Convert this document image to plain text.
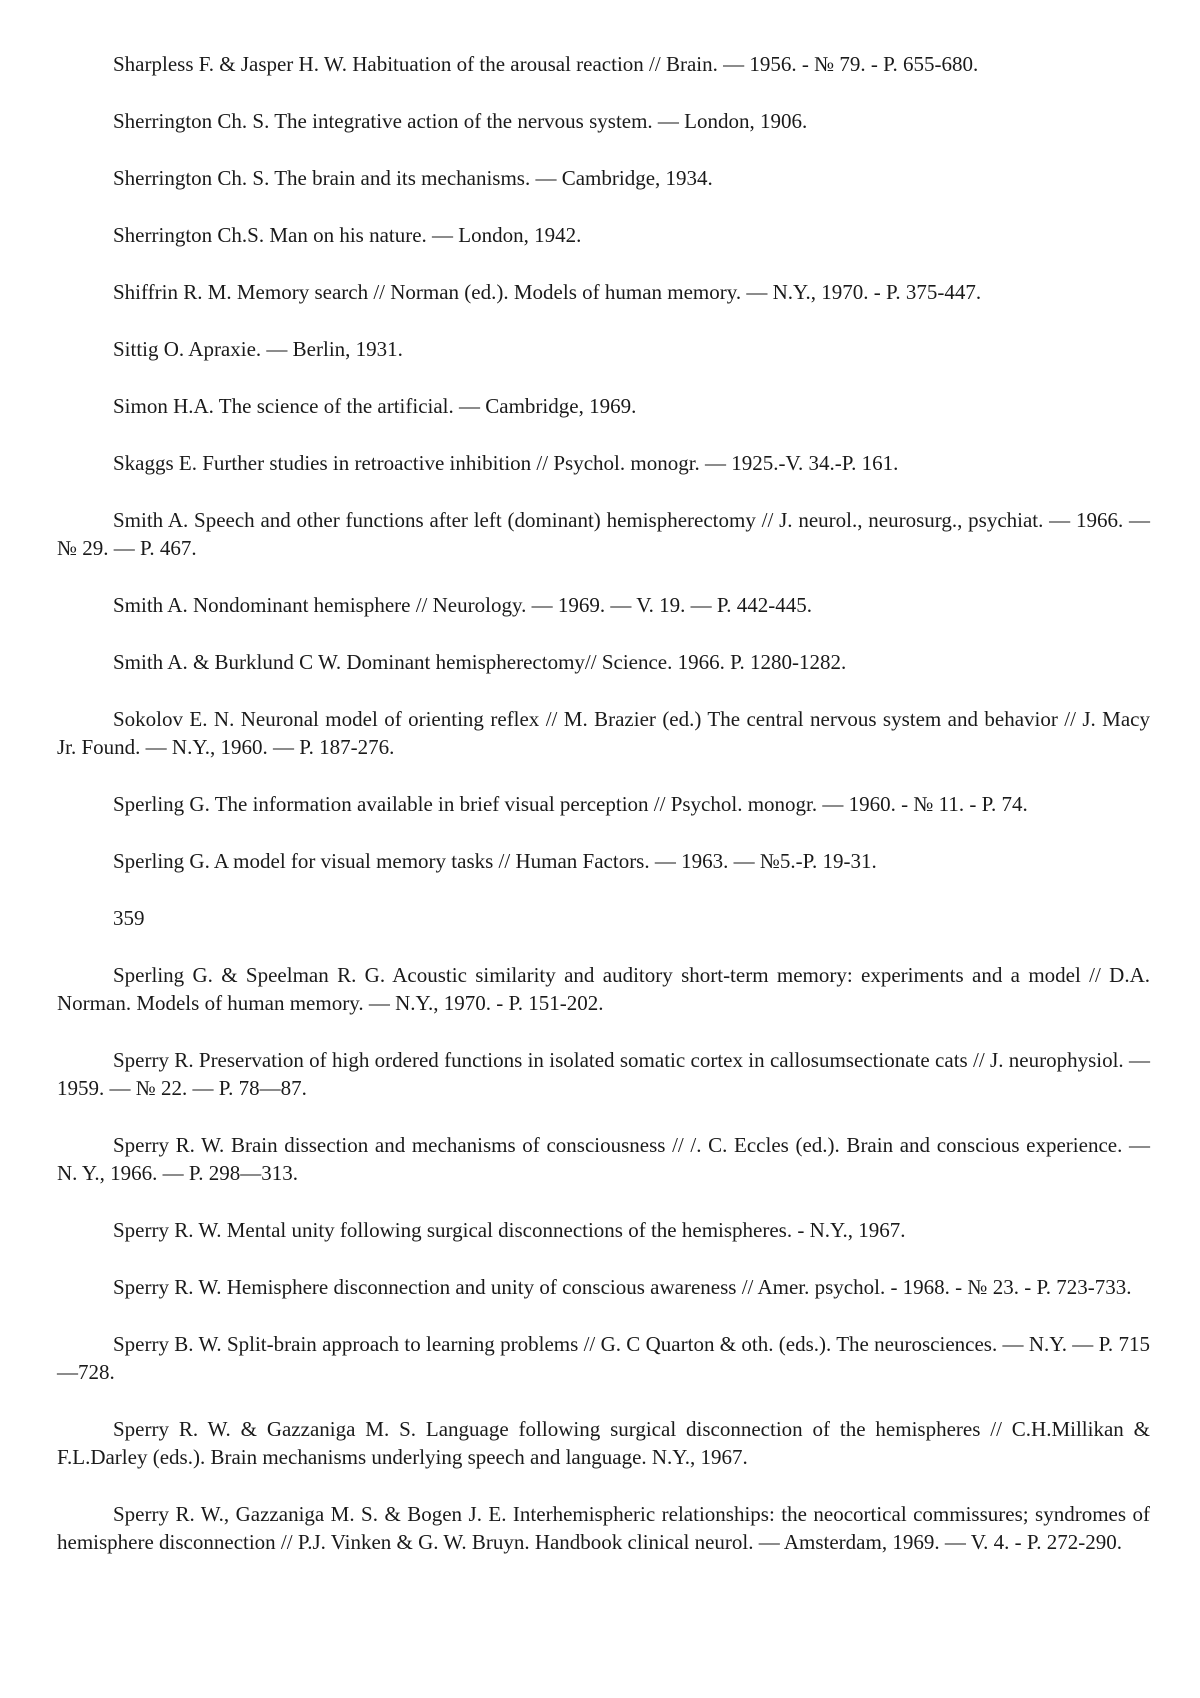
Sharpless F. & Jasper H. W. Habituation of the arousal reaction // Brain. — 1956. - № 79. - P. 655-680.

Sherrington Ch. S. The integrative action of the nervous system. — London, 1906.

Sherrington Ch. S. The brain and its mechanisms. — Cambridge, 1934.

Sherrington Ch.S. Man on his nature. — London, 1942.

Shiffrin R. M. Memory search // Norman (ed.). Models of human memory. — N.Y., 1970. - P. 375-447.

Sittig O. Apraxie. — Berlin, 1931.

Simon H.A. The science of the artificial. — Cambridge, 1969.

Skaggs E. Further studies in retroactive inhibition // Psychol. monogr. — 1925.-V. 34.-P. 161.

Smith A. Speech and other functions after left (dominant) hemispherectomy // J. neurol., neurosurg., psychiat. — 1966. — № 29. — P. 467.

Smith A. Nondominant hemisphere // Neurology. — 1969. — V. 19. — P. 442-445.

Smith A. & Burklund C W. Dominant hemispherectomy// Science. 1966. P. 1280-1282.

Sokolov E. N. Neuronal model of orienting reflex // M. Brazier (ed.) The central nervous system and behavior // J. Macy Jr. Found. — N.Y., 1960. — P. 187-276.

Sperling G. The information available in brief visual perception // Psychol. monogr. — 1960. - № 11. - P. 74.

Sperling G. A model for visual memory tasks // Human Factors. — 1963. — №5.-P. 19-31.

359

Sperling G. & Speelman R. G. Acoustic similarity and auditory short-term memory: experiments and a model // D.A. Norman. Models of human memory. — N.Y., 1970. - P. 151-202.

Sperry R. Preservation of high ordered functions in isolated somatic cortex in callosumsectionate cats // J. neurophysiol. — 1959. — № 22. — P. 78—87.

Sperry R. W. Brain dissection and mechanisms of consciousness // /. C. Eccles (ed.). Brain and conscious experience. — N. Y., 1966. — P. 298—313.

Sperry R. W. Mental unity following surgical disconnections of the hemispheres. - N.Y., 1967.

Sperry R. W. Hemisphere disconnection and unity of conscious awareness // Amer. psychol. - 1968. - № 23. - P. 723-733.

Sperry B. W. Split-brain approach to learning problems // G. C Quarton & oth. (eds.). The neurosciences. — N.Y. — P. 715—728.

Sperry R. W. & Gazzaniga M. S. Language following surgical disconnection of the hemispheres // C.H.Millikan & F.L.Darley (eds.). Brain mechanisms underlying speech and language. N.Y., 1967.

Sperry R. W., Gazzaniga M. S. & Bogen J. E. Interhemispheric relationships: the neocortical commissures; syndromes of hemisphere disconnection // P.J. Vinken & G. W. Bruyn. Handbook clinical neurol. — Amsterdam, 1969. — V. 4. - P. 272-290.
